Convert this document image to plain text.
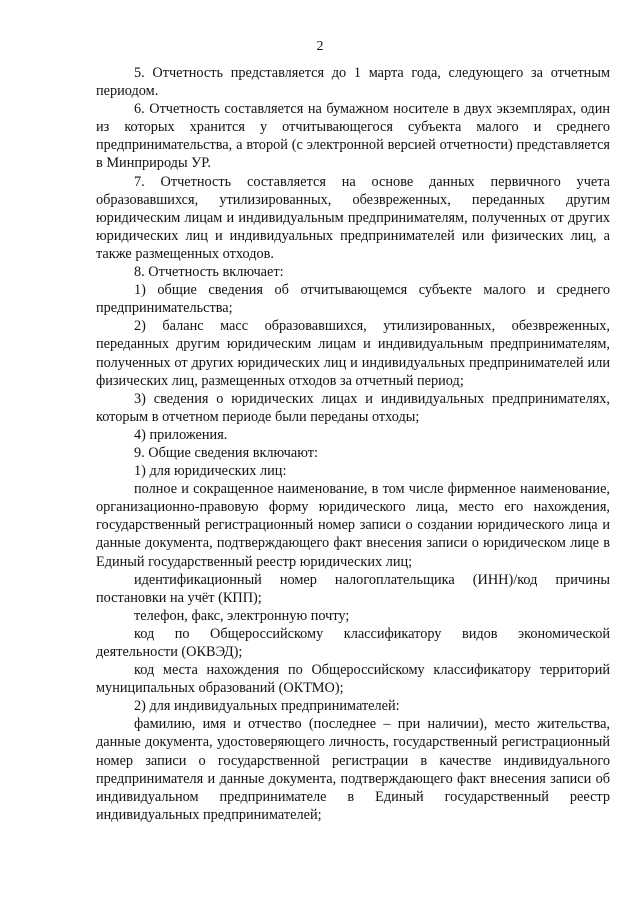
2

5. Отчетность представляется до 1 марта года, следующего за отчетным периодом.

6. Отчетность составляется на бумажном носителе в двух экземплярах, один из которых хранится у отчитывающегося субъекта малого и среднего предпринимательства, а второй (с электронной версией отчетности) представляется в Минприроды УР.

7. Отчетность составляется на основе данных первичного учета образовавшихся, утилизированных, обезвреженных, переданных другим юридическим лицам и индивидуальным предпринимателям, полученных от других юридических лиц и индивидуальных предпринимателей или физических лиц, а также размещенных отходов.

8. Отчетность включает:

1) общие сведения об отчитывающемся субъекте малого и среднего предпринимательства;

2) баланс масс образовавшихся, утилизированных, обезвреженных, переданных другим юридическим лицам и индивидуальным предпринимателям, полученных от других юридических лиц и индивидуальных предпринимателей или физических лиц, размещенных отходов за отчетный период;

3) сведения о юридических лицах и индивидуальных предпринимателях, которым в отчетном периоде были переданы отходы;

4) приложения.

9. Общие сведения включают:

1) для юридических лиц:

полное и сокращенное наименование, в том числе фирменное наименование, организационно-правовую форму юридического лица, место его нахождения, государственный регистрационный номер записи о создании юридического лица и данные документа, подтверждающего факт внесения записи о юридическом лице в Единый государственный реестр юридических лиц;

идентификационный номер налогоплательщика (ИНН)/код причины постановки на учёт (КПП);

телефон, факс, электронную почту;

код по Общероссийскому классификатору видов экономической деятельности (ОКВЭД);

код места нахождения по Общероссийскому классификатору территорий муниципальных образований (ОКТМО);

2) для индивидуальных предпринимателей:

фамилию, имя и отчество (последнее – при наличии), место жительства, данные документа, удостоверяющего личность, государственный регистрационный номер записи о государственной регистрации в качестве индивидуального предпринимателя и данные документа, подтверждающего факт внесения записи об индивидуальном предпринимателе в Единый государственный реестр индивидуальных предпринимателей;
